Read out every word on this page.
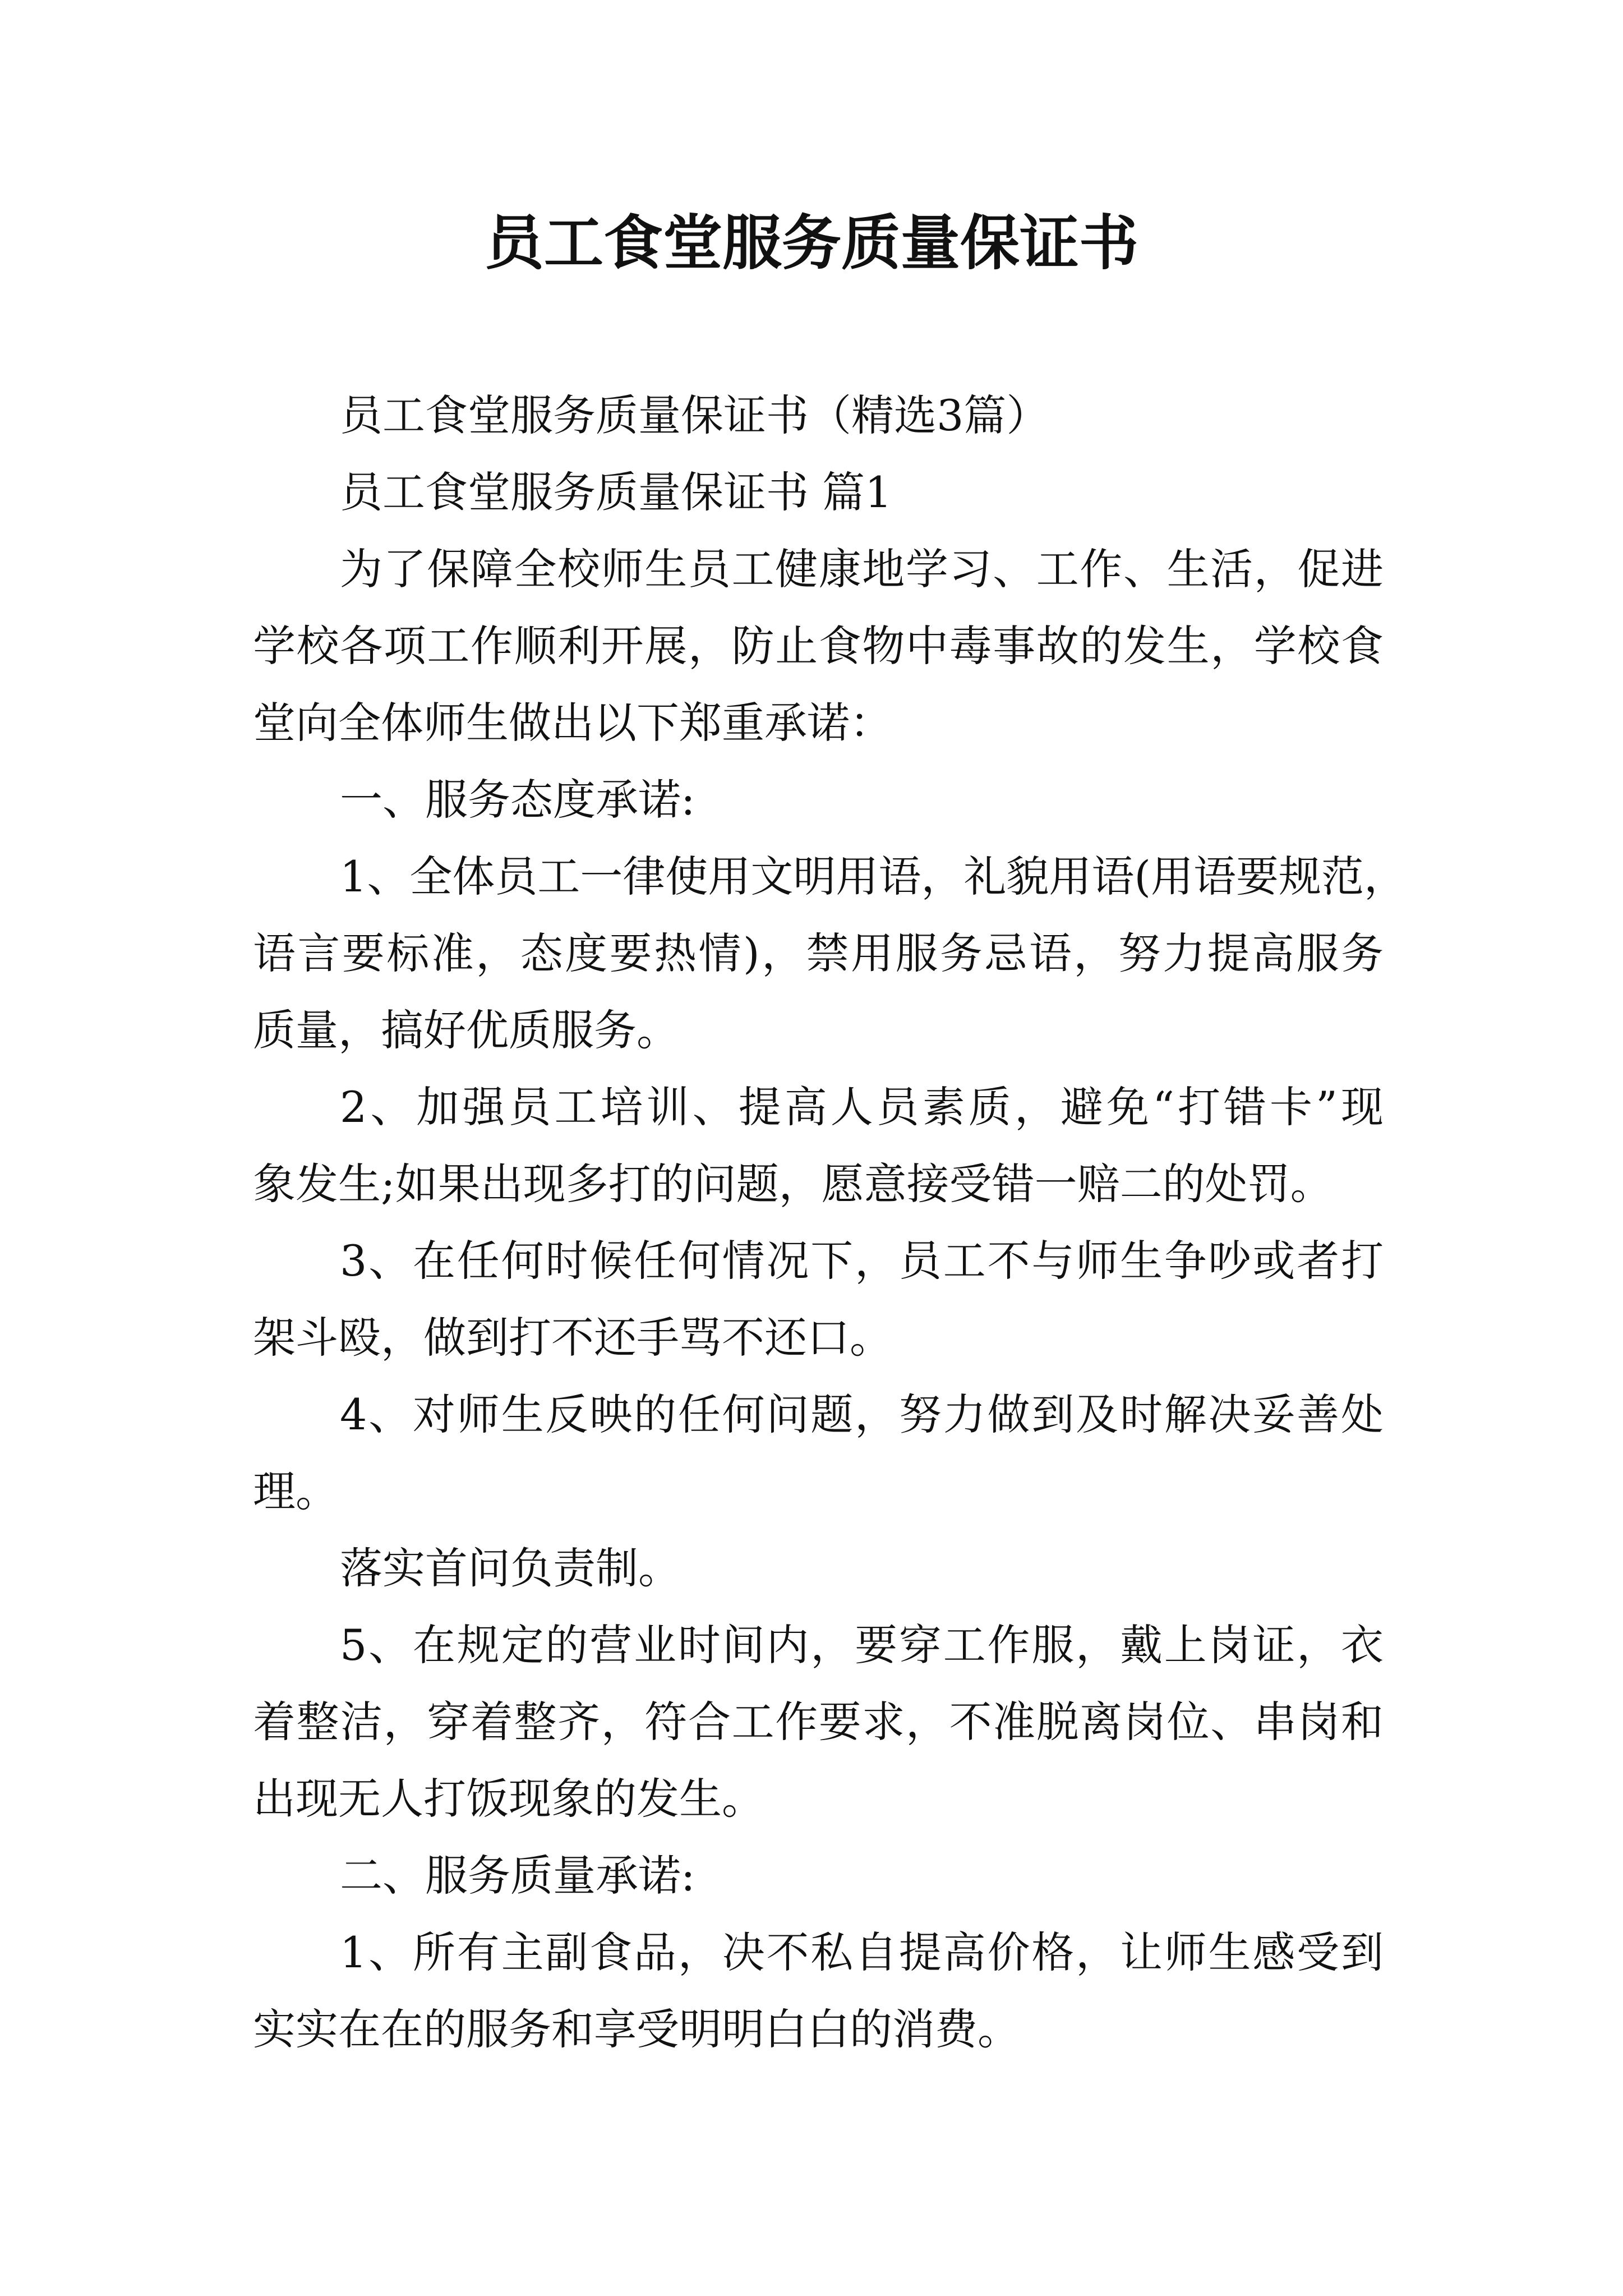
员工食堂服务质量保证书
员工食堂服务质量保证书（精选3篇）
员工食堂服务质量保证书 篇1
为了保障全校师生员工健康地学习、工作、生活，促进
学校各项工作顺利开展，防止食物中毒事故的发生，学校食
堂向全体师生做出以下郑重承诺：
一、服务态度承诺:
1、全体员工一律使用文明用语，礼貌用语(用语要规范，
语言要标准，态度要热情)，禁用服务忌语，努力提高服务
质量，搞好优质服务。
2、加强员工培训、提高人员素质，避免“打错卡”现
象发生;如果出现多打的问题，愿意接受错一赔二的处罚。
3、在任何时候任何情况下，员工不与师生争吵或者打
架斗殴，做到打不还手骂不还口。
4、对师生反映的任何问题，努力做到及时解决妥善处
理。
落实首问负责制。
5、在规定的营业时间内，要穿工作服，戴上岗证，衣
着整洁，穿着整齐，符合工作要求，不准脱离岗位、串岗和
出现无人打饭现象的发生。
二、服务质量承诺:
1、所有主副食品，决不私自提高价格，让师生感受到
实实在在的服务和享受明明白白的消费。
